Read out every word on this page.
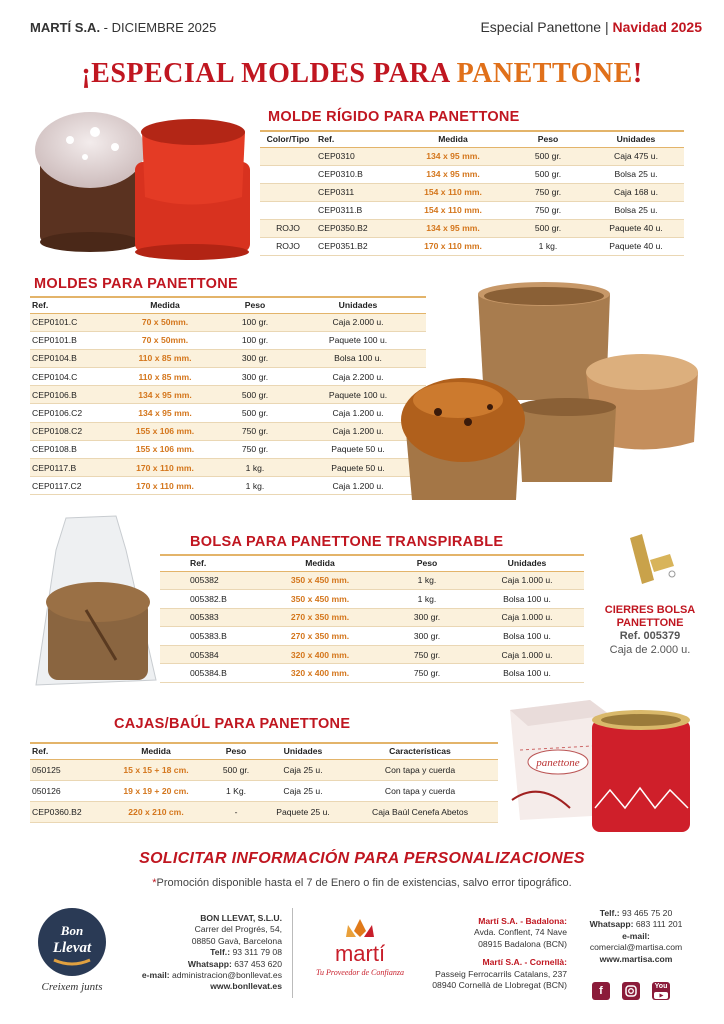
MARTÍ S.A. - DICIEMBRE 2025	Especial Panettone | Navidad 2025
¡ESPECIAL MOLDES PARA PANETTONE!
MOLDE RÍGIDO PARA PANETTONE
Color/Tipo	Ref.	Medida	Peso	Unidades
	CEP0310	134 x 95 mm.	500 gr.	Caja 475 u.
	CEP0310.B	134 x 95 mm.	500 gr.	Bolsa 25 u.
	CEP0311	154 x 110 mm.	750 gr.	Caja 168 u.
	CEP0311.B	154 x 110 mm.	750 gr.	Bolsa 25 u.
ROJO	CEP0350.B2	134 x 95 mm.	500 gr.	Paquete 40 u.
ROJO	CEP0351.B2	170 x 110 mm.	1 kg.	Paquete 40 u.
MOLDES PARA PANETTONE
Ref.	Medida	Peso	Unidades
CEP0101.C	70 x 50mm.	100 gr.	Caja 2.000 u.
CEP0101.B	70 x 50mm.	100 gr.	Paquete 100 u.
CEP0104.B	110 x 85 mm.	300 gr.	Bolsa 100 u.
CEP0104.C	110 x 85 mm.	300 gr.	Caja 2.200 u.
CEP0106.B	134 x 95 mm.	500 gr.	Paquete 100 u.
CEP0106.C2	134 x 95 mm.	500 gr.	Caja 1.200 u.
CEP0108.C2	155 x 106 mm.	750 gr.	Caja 1.200 u.
CEP0108.B	155 x 106 mm.	750 gr.	Paquete 50 u.
CEP0117.B	170 x 110 mm.	1 kg.	Paquete 50 u.
CEP0117.C2	170 x 110 mm.	1 kg.	Caja 1.200 u.
BOLSA PARA PANETTONE TRANSPIRABLE
Ref.	Medida	Peso	Unidades
005382	350 x 450 mm.	1 kg.	Caja 1.000 u.
005382.B	350 x 450 mm.	1 kg.	Bolsa 100 u.
005383	270 x 350 mm.	300 gr.	Caja 1.000 u.
005383.B	270 x 350 mm.	300 gr.	Bolsa 100 u.
005384	320 x 400 mm.	750 gr.	Caja 1.000 u.
005384.B	320 x 400 mm.	750 gr.	Bolsa 100 u.
CIERRES BOLSA
PANETTONE
Ref. 005379
Caja de 2.000 u.
CAJAS/BAÚL PARA PANETTONE
Ref.	Medida	Peso	Unidades	Características
050125	15 x 15 + 18 cm.	500 gr.	Caja 25 u.	Con tapa y cuerda
050126	19 x 19 + 20 cm.	1 Kg.	Caja 25 u.	Con tapa y cuerda
CEP0360.B2	220 x 210 cm.	-	Paquete 25 u.	Caja Baúl Cenefa Abetos
panettone
SOLICITAR INFORMACIÓN PARA PERSONALIZACIONES
*Promoción disponible hasta el 7 de Enero o fin de existencias, salvo error tipográfico.
Bon
Llevat
Creixem junts
BON LLEVAT, S.L.U.
Carrer del Progrés, 54,
08850 Gavà, Barcelona
Telf.: 93 311 79 08
Whatsapp: 637 453 620
e-mail: administracion@bonllevat.es
www.bonllevat.es
martí
Tu Proveedor de Confianza
Martí S.A. - Badalona:
Avda. Conflent, 74 Nave
08915 Badalona (BCN)
Martí S.A. - Cornellà:
Passeig Ferrocarrils Catalans, 237
08940 Cornellà de Llobregat (BCN)
Telf.: 93 465 75 20
Whatsapp: 683 111 201
e-mail:
comercial@martisa.com
www.martisa.com
f	You
